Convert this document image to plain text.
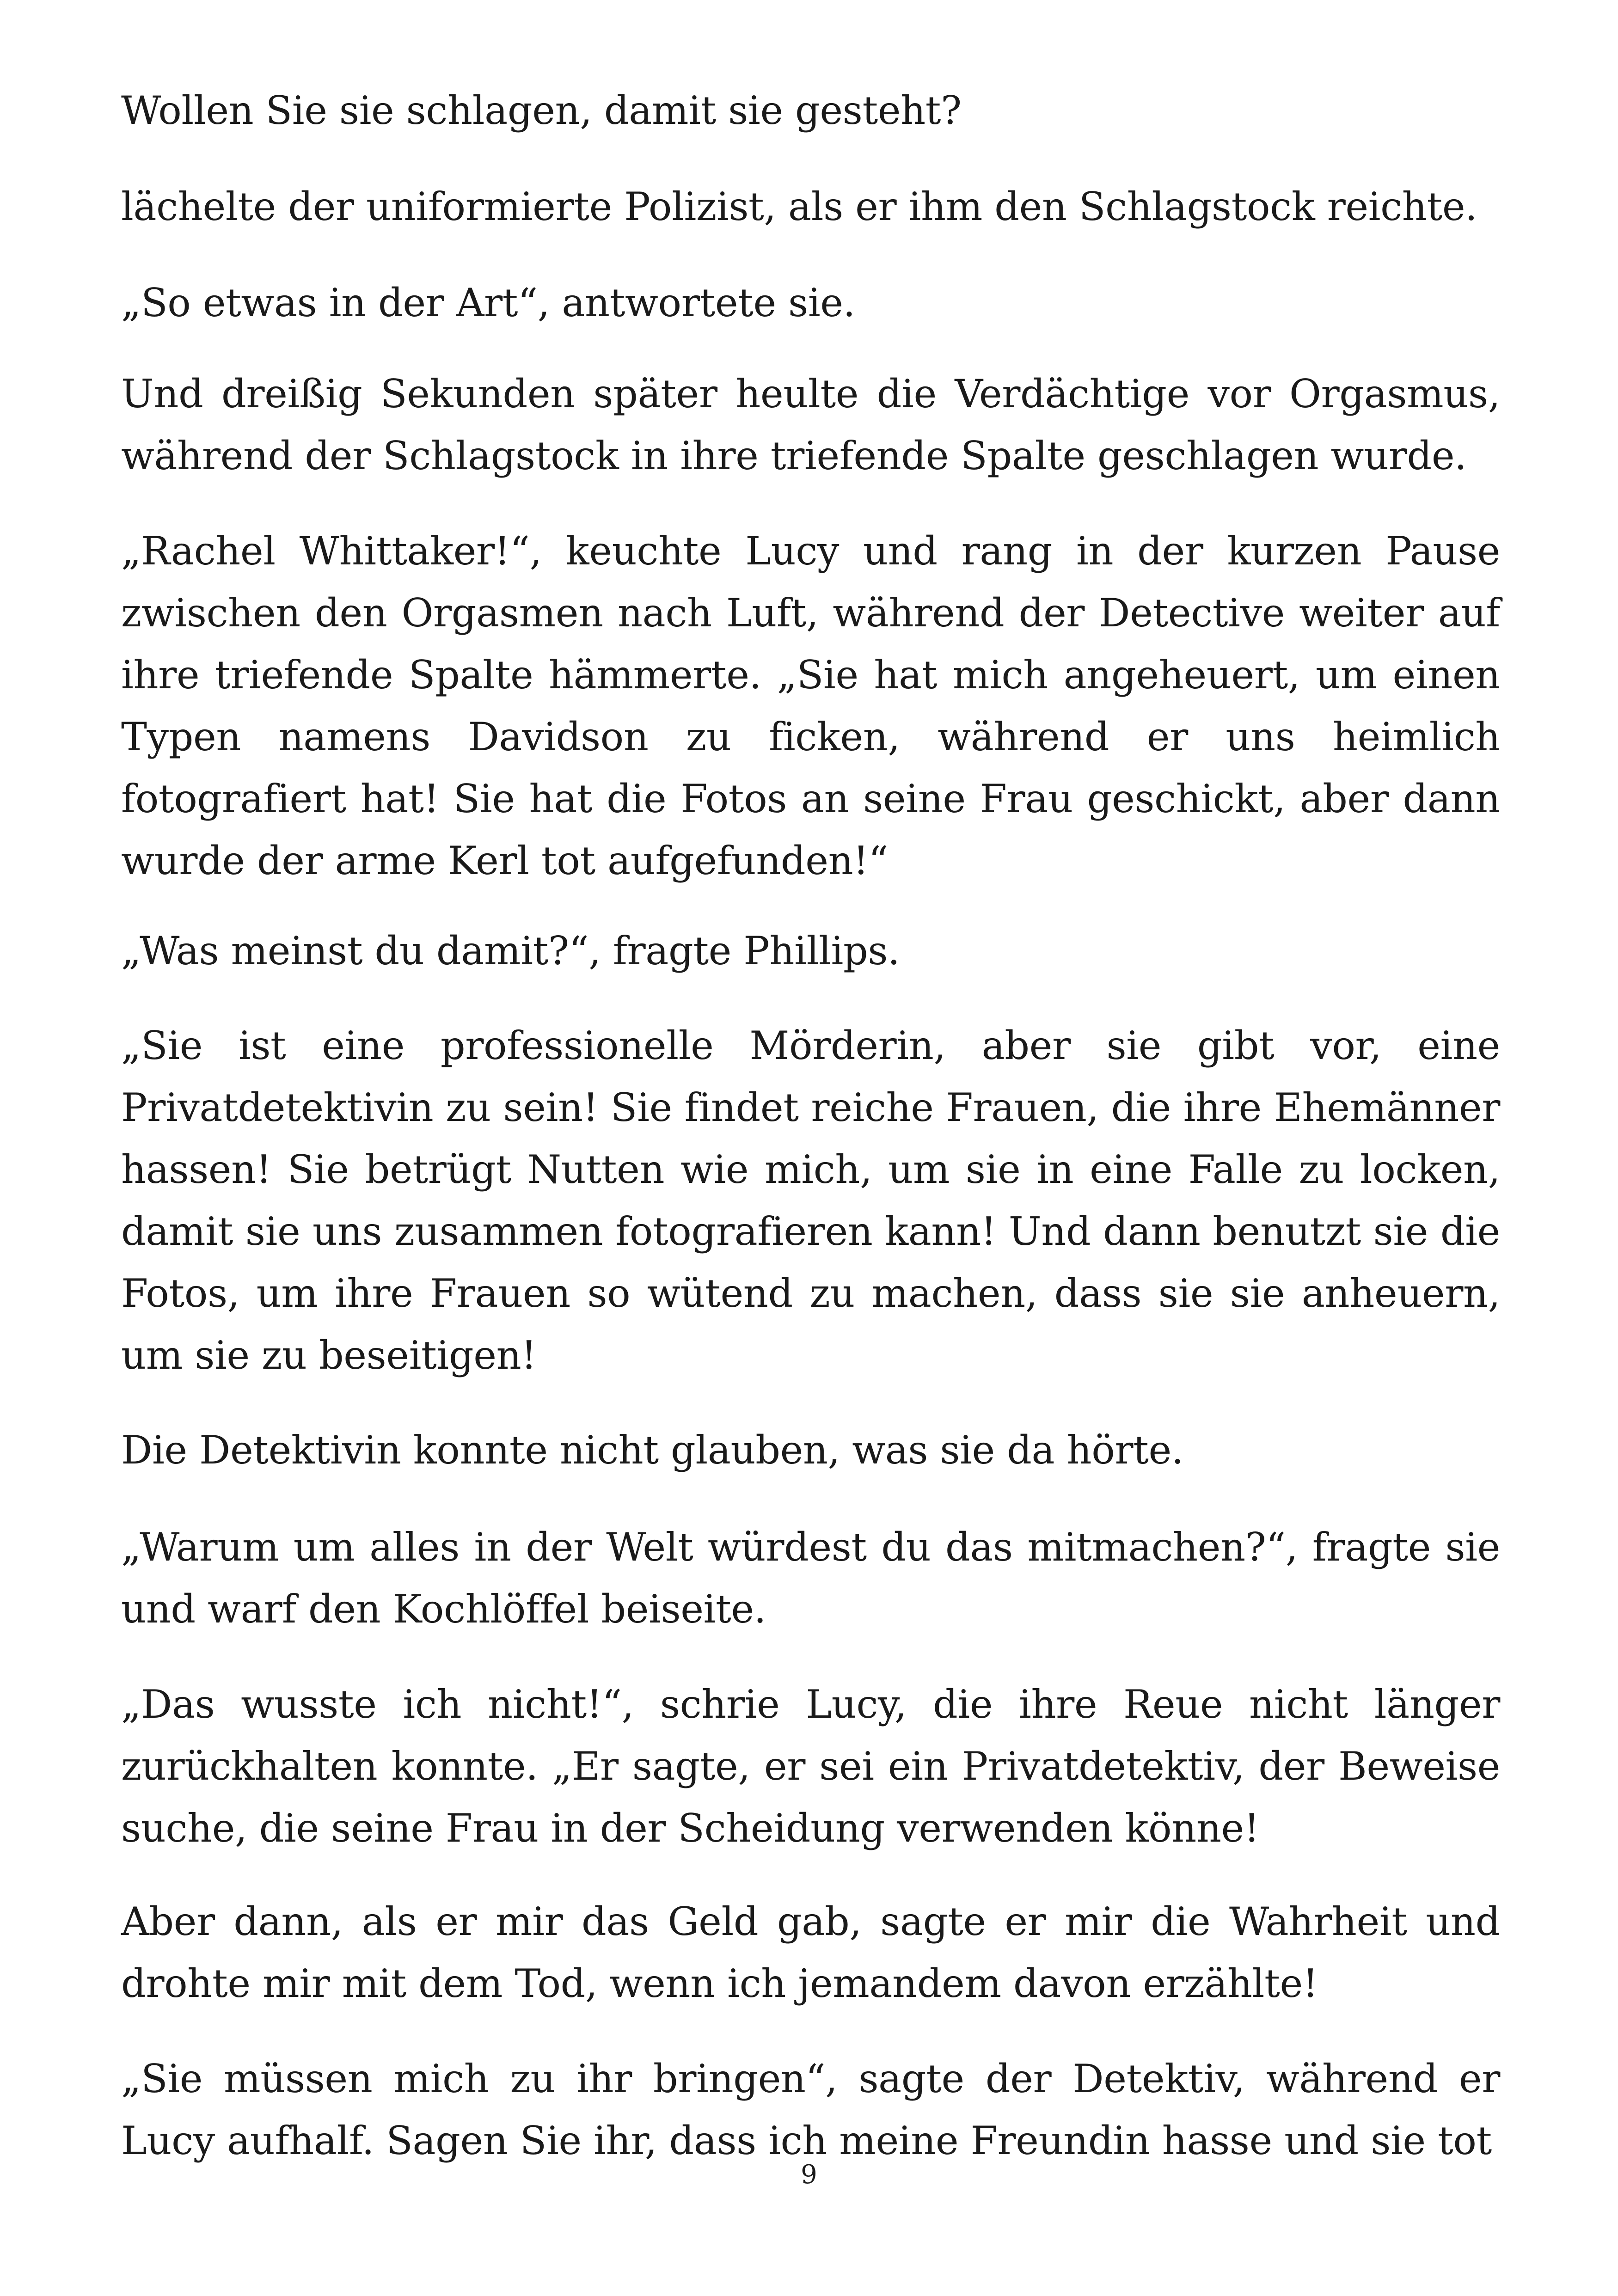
Wollen Sie sie schlagen, damit sie gesteht?

lächelte der uniformierte Polizist, als er ihm den Schlagstock reichte.

„So etwas in der Art“, antwortete sie.

Und dreißig Sekunden später heulte die Verdächtige vor Orgasmus, während der Schlagstock in ihre triefende Spalte geschlagen wurde.

„Rachel Whittaker!“, keuchte Lucy und rang in der kurzen Pause zwischen den Orgasmen nach Luft, während der Detective weiter auf ihre triefende Spalte hämmerte. „Sie hat mich angeheuert, um einen Typen namens Davidson zu ficken, während er uns heimlich fotografiert hat! Sie hat die Fotos an seine Frau geschickt, aber dann wurde der arme Kerl tot aufgefunden!“

„Was meinst du damit?“, fragte Phillips.

„Sie ist eine professionelle Mörderin, aber sie gibt vor, eine Privatdetektivin zu sein! Sie findet reiche Frauen, die ihre Ehemänner hassen! Sie betrügt Nutten wie mich, um sie in eine Falle zu locken, damit sie uns zusammen fotografieren kann! Und dann benutzt sie die Fotos, um ihre Frauen so wütend zu machen, dass sie sie anheuern, um sie zu beseitigen!

Die Detektivin konnte nicht glauben, was sie da hörte.

„Warum um alles in der Welt würdest du das mitmachen?“, fragte sie und warf den Kochlöffel beiseite.

„Das wusste ich nicht!“, schrie Lucy, die ihre Reue nicht länger zurückhalten konnte. „Er sagte, er sei ein Privatdetektiv, der Beweise suche, die seine Frau in der Scheidung verwenden könne!

Aber dann, als er mir das Geld gab, sagte er mir die Wahrheit und drohte mir mit dem Tod, wenn ich jemandem davon erzählte!

„Sie müssen mich zu ihr bringen“, sagte der Detektiv, während er Lucy aufhalf. Sagen Sie ihr, dass ich meine Freundin hasse und sie tot

9
